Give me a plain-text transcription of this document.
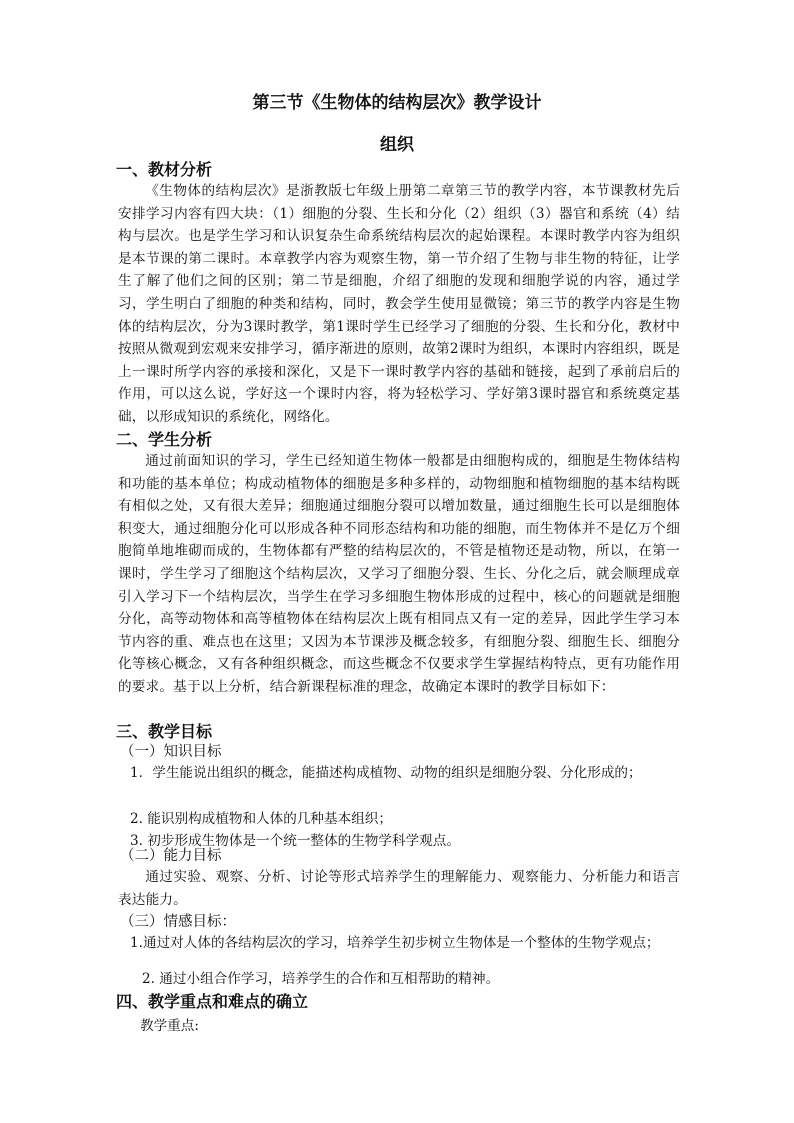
第三节《生物体的结构层次》教学设计
组织
一、教材分析
《生物体的结构层次》是浙教版七年级上册第二章第三节的教学内容，本节课教材先后安排学习内容有四大块：（1）细胞的分裂、生长和分化（2）组织（3）器官和系统（4）结构与层次。也是学生学习和认识复杂生命系统结构层次的起始课程。本课时教学内容为组织是本节课的第二课时。本章教学内容为观察生物，第一节介绍了生物与非生物的特征，让学生了解了他们之间的区别；第二节是细胞，介绍了细胞的发现和细胞学说的内容，通过学习，学生明白了细胞的种类和结构，同时，教会学生使用显微镜；第三节的教学内容是生物体的结构层次，分为3课时教学，第1课时学生已经学习了细胞的分裂、生长和分化，教材中按照从微观到宏观来安排学习，循序渐进的原则，故第2课时为组织，本课时内容组织，既是上一课时所学内容的承接和深化，又是下一课时教学内容的基础和链接，起到了承前启后的作用，可以这么说，学好这一个课时内容，将为轻松学习、学好第3课时器官和系统奠定基础，以形成知识的系统化，网络化。
二、学生分析
通过前面知识的学习，学生已经知道生物体一般都是由细胞构成的，细胞是生物体结构和功能的基本单位；构成动植物体的细胞是多种多样的，动物细胞和植物细胞的基本结构既有相似之处，又有很大差异；细胞通过细胞分裂可以增加数量，通过细胞生长可以是细胞体积变大，通过细胞分化可以形成各种不同形态结构和功能的细胞，而生物体并不是亿万个细胞简单地堆砌而成的，生物体都有严整的结构层次的，不管是植物还是动物，所以，在第一课时，学生学习了细胞这个结构层次，又学习了细胞分裂、生长、分化之后，就会顺理成章引入学习下一个结构层次，当学生在学习多细胞生物体形成的过程中，核心的问题就是细胞分化，高等动物体和高等植物体在结构层次上既有相同点又有一定的差异，因此学生学习本节内容的重、难点也在这里；又因为本节课涉及概念较多，有细胞分裂、细胞生长、细胞分化等核心概念，又有各种组织概念，而这些概念不仅要求学生掌握结构特点，更有功能作用的要求。基于以上分析，结合新课程标准的理念，故确定本课时的教学目标如下：
三、教学目标
（一）知识目标
1．学生能说出组织的概念，能描述构成植物、动物的组织是细胞分裂、分化形成的；
2. 能识别构成植物和人体的几种基本组织；
3. 初步形成生物体是一个统一整体的生物学科学观点。
（二）能力目标
通过实验、观察、分析、讨论等形式培养学生的理解能力、观察能力、分析能力和语言表达能力。
（三）情感目标：
1.通过对人体的各结构层次的学习，培养学生初步树立生物体是一个整体的生物学观点；
2. 通过小组合作学习，培养学生的合作和互相帮助的精神。
四、教学重点和难点的确立
教学重点:
